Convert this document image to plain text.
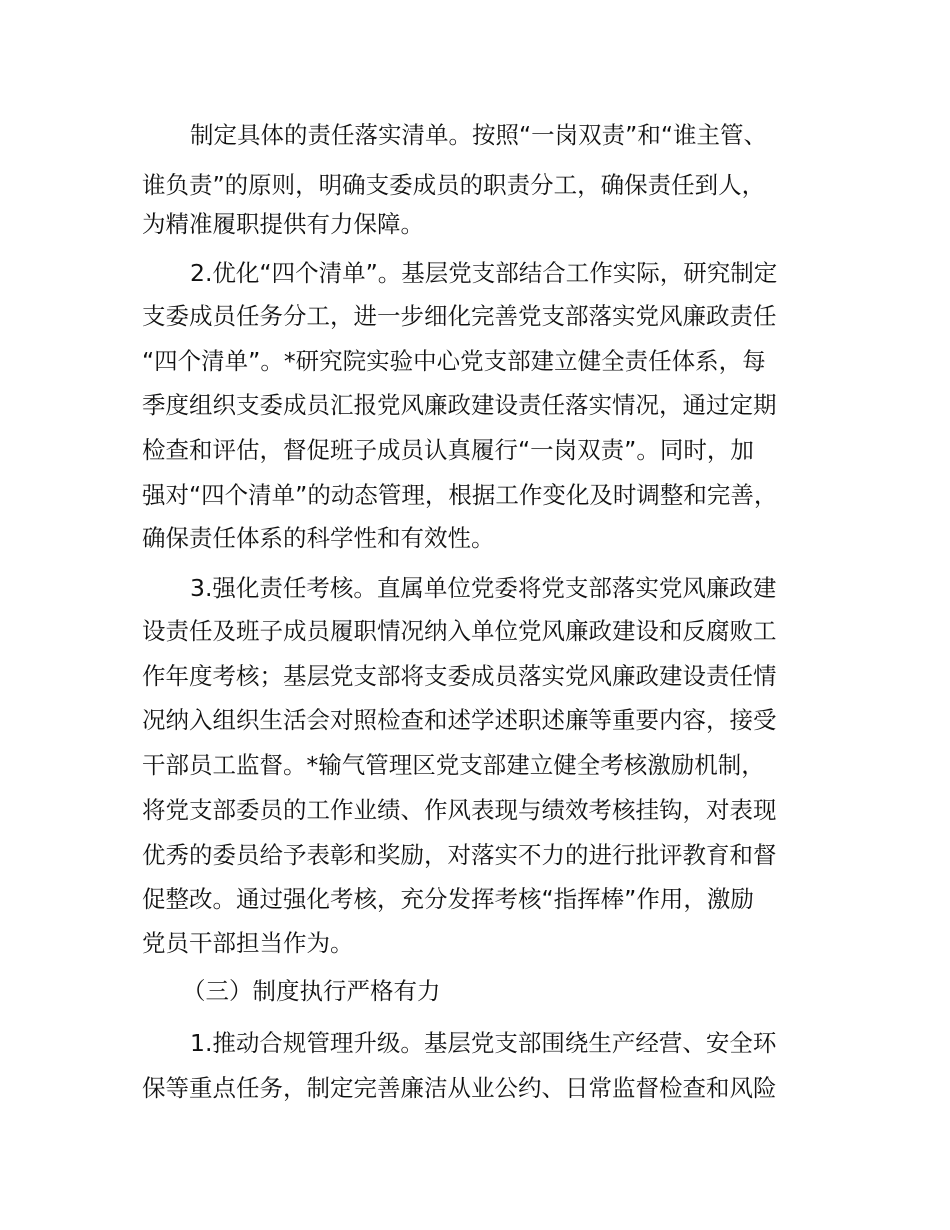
制定具体的责任落实清单。按照“一岗双责”和“谁主管、
谁负责”的原则，明确支委成员的职责分工，确保责任到人，
为精准履职提供有力保障。
2.优化“四个清单”。基层党支部结合工作实际，研究制定
支委成员任务分工，进一步细化完善党支部落实党风廉政责任
“四个清单”。*研究院实验中心党支部建立健全责任体系，每
季度组织支委成员汇报党风廉政建设责任落实情况，通过定期
检查和评估，督促班子成员认真履行“一岗双责”。同时，加
强对“四个清单”的动态管理，根据工作变化及时调整和完善，
确保责任体系的科学性和有效性。
3.强化责任考核。直属单位党委将党支部落实党风廉政建
设责任及班子成员履职情况纳入单位党风廉政建设和反腐败工
作年度考核；基层党支部将支委成员落实党风廉政建设责任情
况纳入组织生活会对照检查和述学述职述廉等重要内容，接受
干部员工监督。*输气管理区党支部建立健全考核激励机制，
将党支部委员的工作业绩、作风表现与绩效考核挂钩，对表现
优秀的委员给予表彰和奖励，对落实不力的进行批评教育和督
促整改。通过强化考核，充分发挥考核“指挥棒”作用，激励
党员干部担当作为。
（三）制度执行严格有力
1.推动合规管理升级。基层党支部围绕生产经营、安全环
保等重点任务，制定完善廉洁从业公约、日常监督检查和风险
